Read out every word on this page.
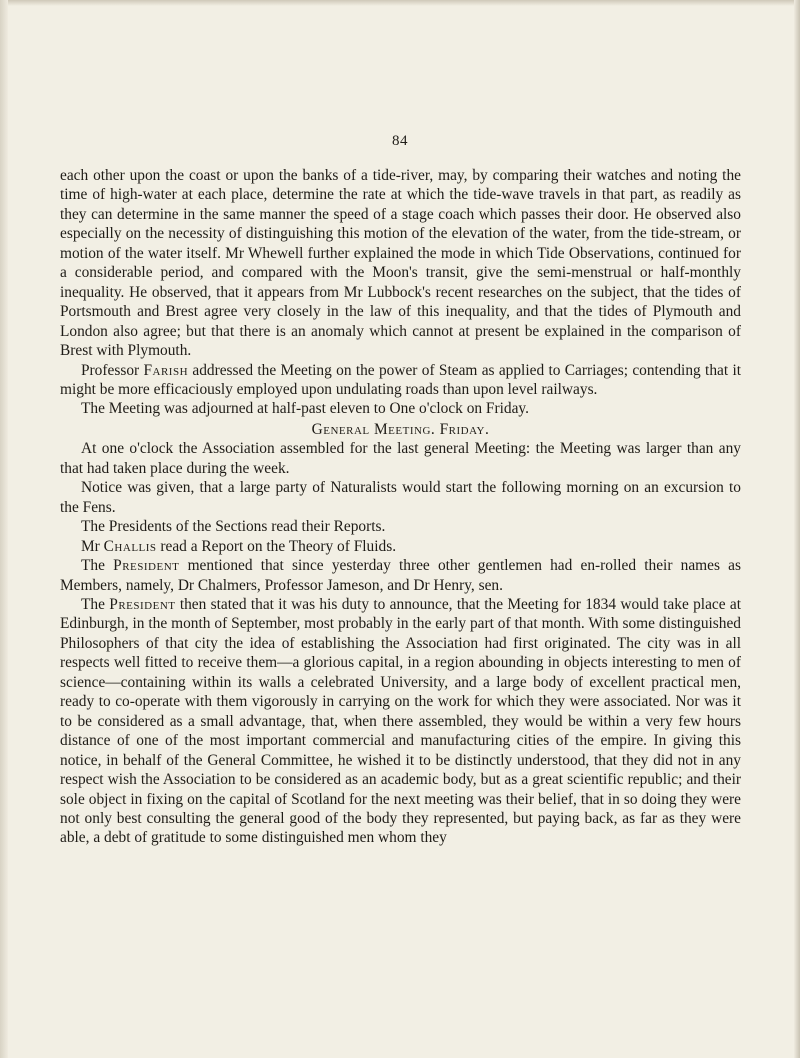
84

each other upon the coast or upon the banks of a tide-river, may, by comparing their watches and noting the time of high-water at each place, determine the rate at which the tide-wave travels in that part, as readily as they can determine in the same manner the speed of a stage coach which passes their door. He observed also especially on the necessity of distinguishing this motion of the elevation of the water, from the tide-stream, or motion of the water itself. Mr Whewell further explained the mode in which Tide Observations, continued for a considerable period, and compared with the Moon's transit, give the semi-menstrual or half-monthly inequality. He observed, that it appears from Mr Lubbock's recent researches on the subject, that the tides of Portsmouth and Brest agree very closely in the law of this inequality, and that the tides of Plymouth and London also agree; but that there is an anomaly which cannot at present be explained in the comparison of Brest with Plymouth.

Professor Farish addressed the Meeting on the power of Steam as applied to Carriages; contending that it might be more efficaciously employed upon undulating roads than upon level railways.

The Meeting was adjourned at half-past eleven to One o'clock on Friday.

General Meeting. Friday.

At one o'clock the Association assembled for the last general Meeting: the Meeting was larger than any that had taken place during the week.

Notice was given, that a large party of Naturalists would start the following morning on an excursion to the Fens.

The Presidents of the Sections read their Reports.

Mr Challis read a Report on the Theory of Fluids.

The President mentioned that since yesterday three other gentlemen had en-rolled their names as Members, namely, Dr Chalmers, Professor Jameson, and Dr Henry, sen.

The President then stated that it was his duty to announce, that the Meeting for 1834 would take place at Edinburgh, in the month of September, most probably in the early part of that month. With some distinguished Philosophers of that city the idea of establishing the Association had first originated. The city was in all respects well fitted to receive them—a glorious capital, in a region abounding in objects interesting to men of science—containing within its walls a celebrated University, and a large body of excellent practical men, ready to co-operate with them vigorously in carrying on the work for which they were associated. Nor was it to be considered as a small advantage, that, when there assembled, they would be within a very few hours distance of one of the most important commercial and manufacturing cities of the empire. In giving this notice, in behalf of the General Committee, he wished it to be distinctly understood, that they did not in any respect wish the Association to be considered as an academic body, but as a great scientific republic; and their sole object in fixing on the capital of Scotland for the next meeting was their belief, that in so doing they were not only best consulting the general good of the body they represented, but paying back, as far as they were able, a debt of gratitude to some distinguished men whom they
